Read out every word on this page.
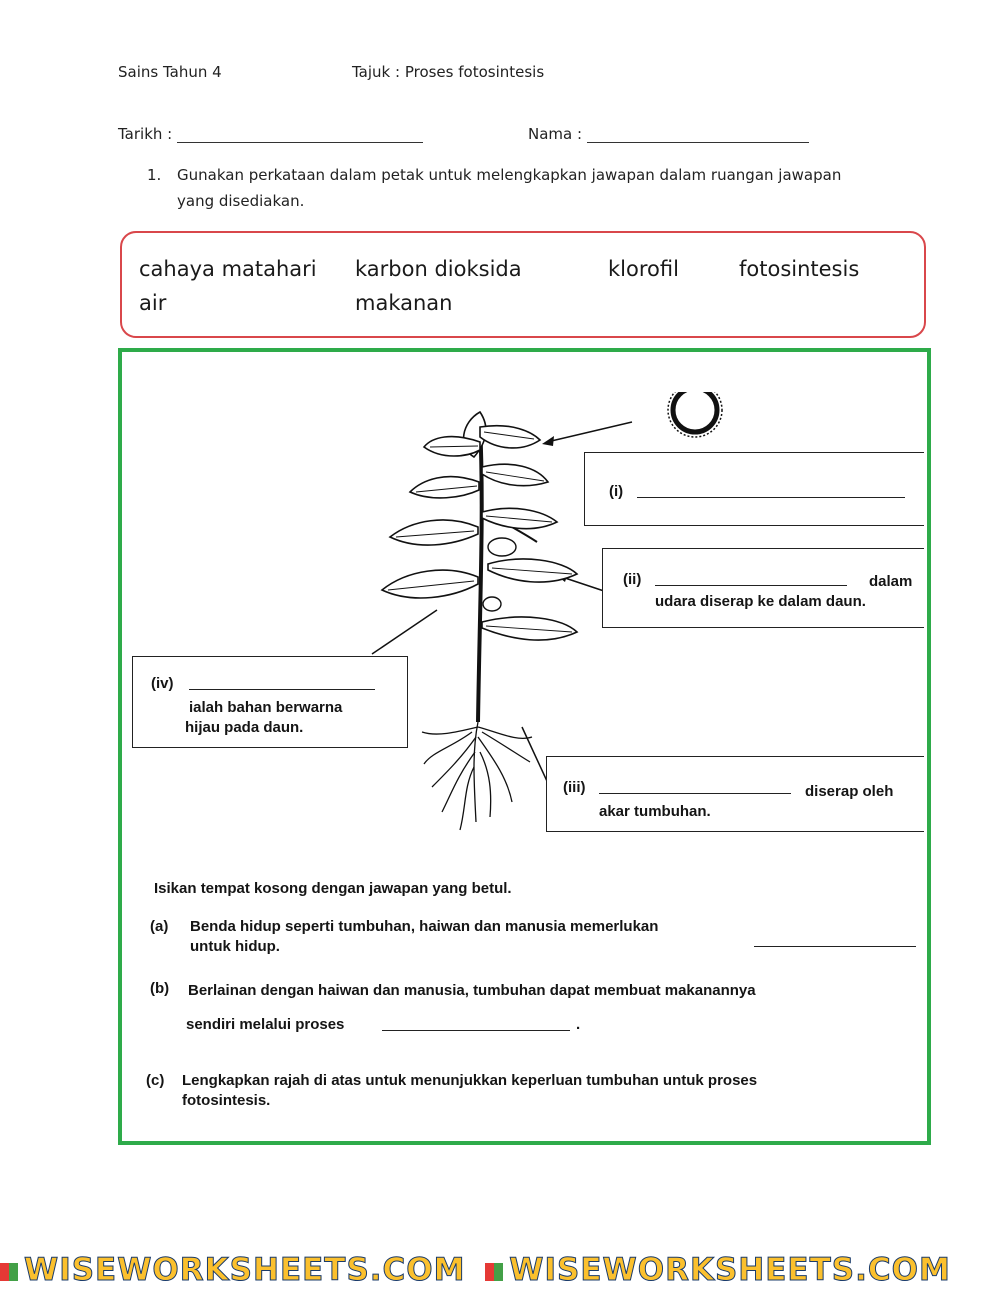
Sains Tahun 4	Tajuk : Proses fotosintesis
Tarikh :	Nama :
1. Gunakan perkataan dalam petak untuk melengkapkan jawapan dalam ruangan jawapan
yang disediakan.
cahaya matahari karbon dioksida	klorofil	fotosintesis
air	makanan
(i)
(ii)	dalam
udara diserap ke dalam daun.
(iii)	diserap oleh
akar tumbuhan.
(iv)
ialah bahan berwarna
hijau pada daun.
Isikan tempat kosong dengan jawapan yang betul.
(a) Benda hidup seperti tumbuhan, haiwan dan manusia memerlukan
untuk hidup.
(b) Berlainan dengan haiwan dan manusia, tumbuhan dapat membuat makanannya
sendiri melalui proses	.
(c) Lengkapkan rajah di atas untuk menunjukkan keperluan tumbuhan untuk proses
fotosintesis.
WISEWORKSHEETS.COM WISEWORKSHEETS.COM
